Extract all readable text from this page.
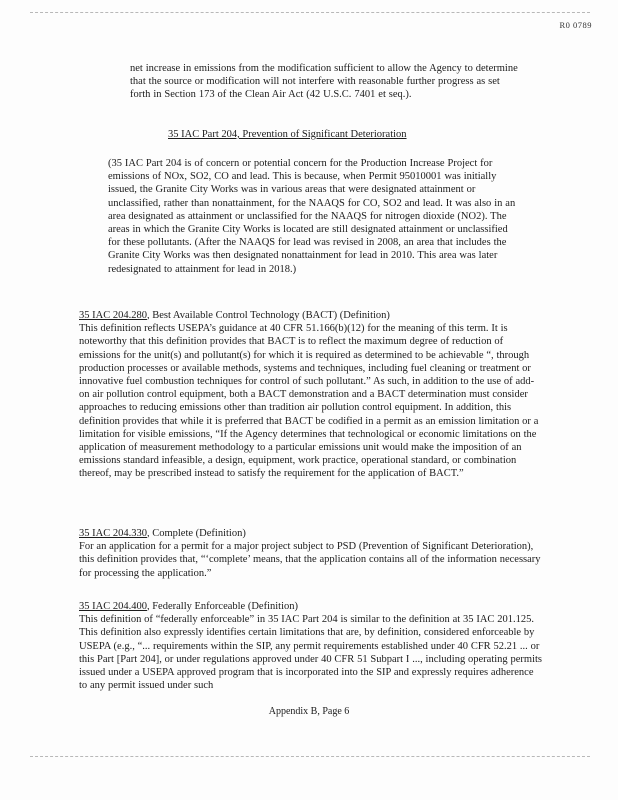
R0 0789

net increase in emissions from the modification sufficient to allow the Agency to determine that the source or modification will not interfere with reasonable further progress as set forth in Section 173 of the Clean Air Act (42 U.S.C. 7401 et seq.).

35 IAC Part 204, Prevention of Significant Deterioration

(35 IAC Part 204 is of concern or potential concern for the Production Increase Project for emissions of NOx, SO2, CO and lead. This is because, when Permit 95010001 was initially issued, the Granite City Works was in various areas that were designated attainment or unclassified, rather than nonattainment, for the NAAQS for CO, SO2 and lead. It was also in an area designated as attainment or unclassified for the NAAQS for nitrogen dioxide (NO2). The areas in which the Granite City Works is located are still designated attainment or unclassified for these pollutants. (After the NAAQS for lead was revised in 2008, an area that includes the Granite City Works was then designated nonattainment for lead in 2010. This area was later redesignated to attainment for lead in 2018.)

35 IAC 204.280, Best Available Control Technology (BACT) (Definition)

This definition reflects USEPA’s guidance at 40 CFR 51.166(b)(12) for the meaning of this term. It is noteworthy that this definition provides that BACT is to reflect the maximum degree of reduction of emissions for the unit(s) and pollutant(s) for which it is required as determined to be achievable “, through production processes or available methods, systems and techniques, including fuel cleaning or treatment or innovative fuel combustion techniques for control of such pollutant.” As such, in addition to the use of add-on air pollution control equipment, both a BACT demonstration and a BACT determination must consider approaches to reducing emissions other than tradition air pollution control equipment. In addition, this definition provides that while it is preferred that BACT be codified in a permit as an emission limitation or a limitation for visible emissions, “If the Agency determines that technological or economic limitations on the application of measurement methodology to a particular emissions unit would make the imposition of an emissions standard infeasible, a design, equipment, work practice, operational standard, or combination thereof, may be prescribed instead to satisfy the requirement for the application of BACT.”

35 IAC 204.330, Complete (Definition)

For an application for a permit for a major project subject to PSD (Prevention of Significant Deterioration), this definition provides that, “‘complete’ means, that the application contains all of the information necessary for processing the application.”

35 IAC 204.400, Federally Enforceable (Definition)

This definition of “federally enforceable” in 35 IAC Part 204 is similar to the definition at 35 IAC 201.125. This definition also expressly identifies certain limitations that are, by definition, considered enforceable by USEPA (e.g., “... requirements within the SIP, any permit requirements established under 40 CFR 52.21 ... or this Part [Part 204], or under regulations approved under 40 CFR 51 Subpart I ..., including operating permits issued under a USEPA approved program that is incorporated into the SIP and expressly requires adherence to any permit issued under such

Appendix B, Page 6
